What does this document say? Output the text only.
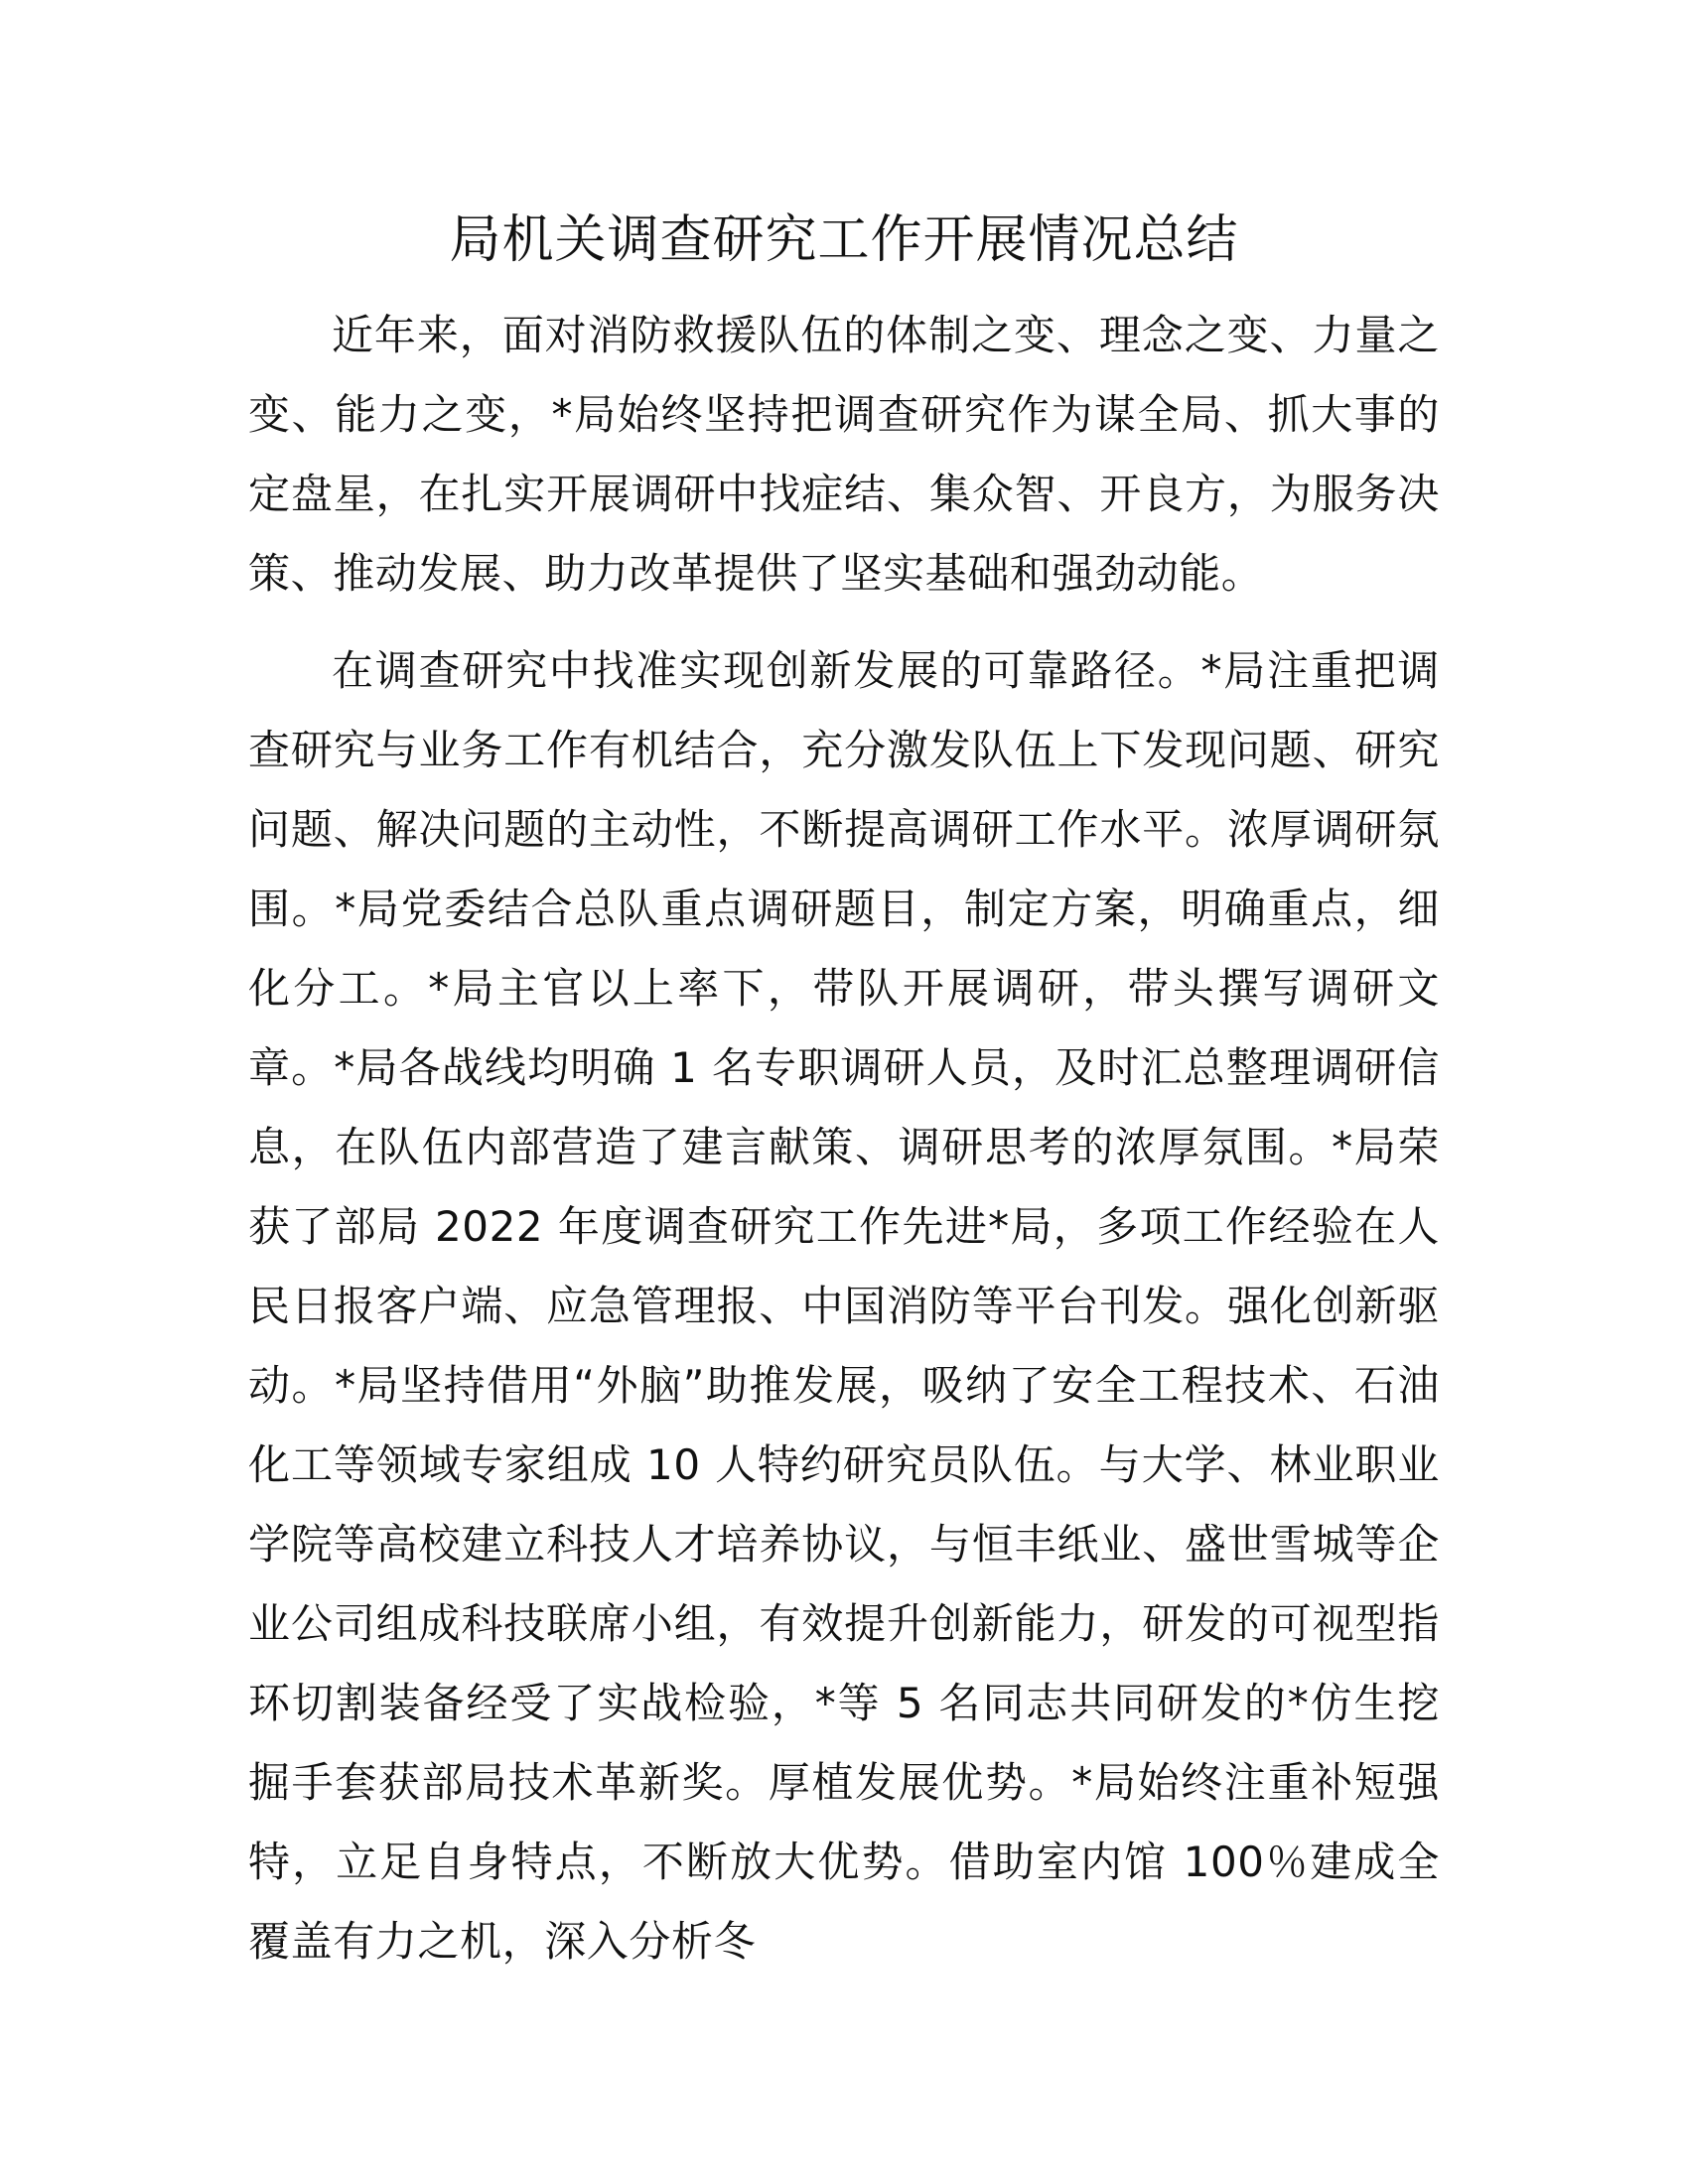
局机关调查研究工作开展情况总结

近年来，面对消防救援队伍的体制之变、理念之变、力量之变、能力之变，*局始终坚持把调查研究作为谋全局、抓大事的定盘星，在扎实开展调研中找症结、集众智、开良方，为服务决策、推动发展、助力改革提供了坚实基础和强劲动能。

在调查研究中找准实现创新发展的可靠路径。*局注重把调查研究与业务工作有机结合，充分激发队伍上下发现问题、研究问题、解决问题的主动性，不断提高调研工作水平。浓厚调研氛围。*局党委结合总队重点调研题目，制定方案，明确重点，细化分工。*局主官以上率下，带队开展调研，带头撰写调研文章。*局各战线均明确 1 名专职调研人员，及时汇总整理调研信息，在队伍内部营造了建言献策、调研思考的浓厚氛围。*局荣获了部局 2022 年度调查研究工作先进*局，多项工作经验在人民日报客户端、应急管理报、中国消防等平台刊发。强化创新驱动。*局坚持借用“外脑”助推发展，吸纳了安全工程技术、石油化工等领域专家组成 10 人特约研究员队伍。与大学、林业职业学院等高校建立科技人才培养协议，与恒丰纸业、盛世雪城等企业公司组成科技联席小组，有效提升创新能力，研发的可视型指环切割装备经受了实战检验，*等 5 名同志共同研发的*仿生挖掘手套获部局技术革新奖。厚植发展优势。*局始终注重补短强特，立足自身特点，不断放大优势。借助室内馆 100％建成全覆盖有力之机，深入分析冬
